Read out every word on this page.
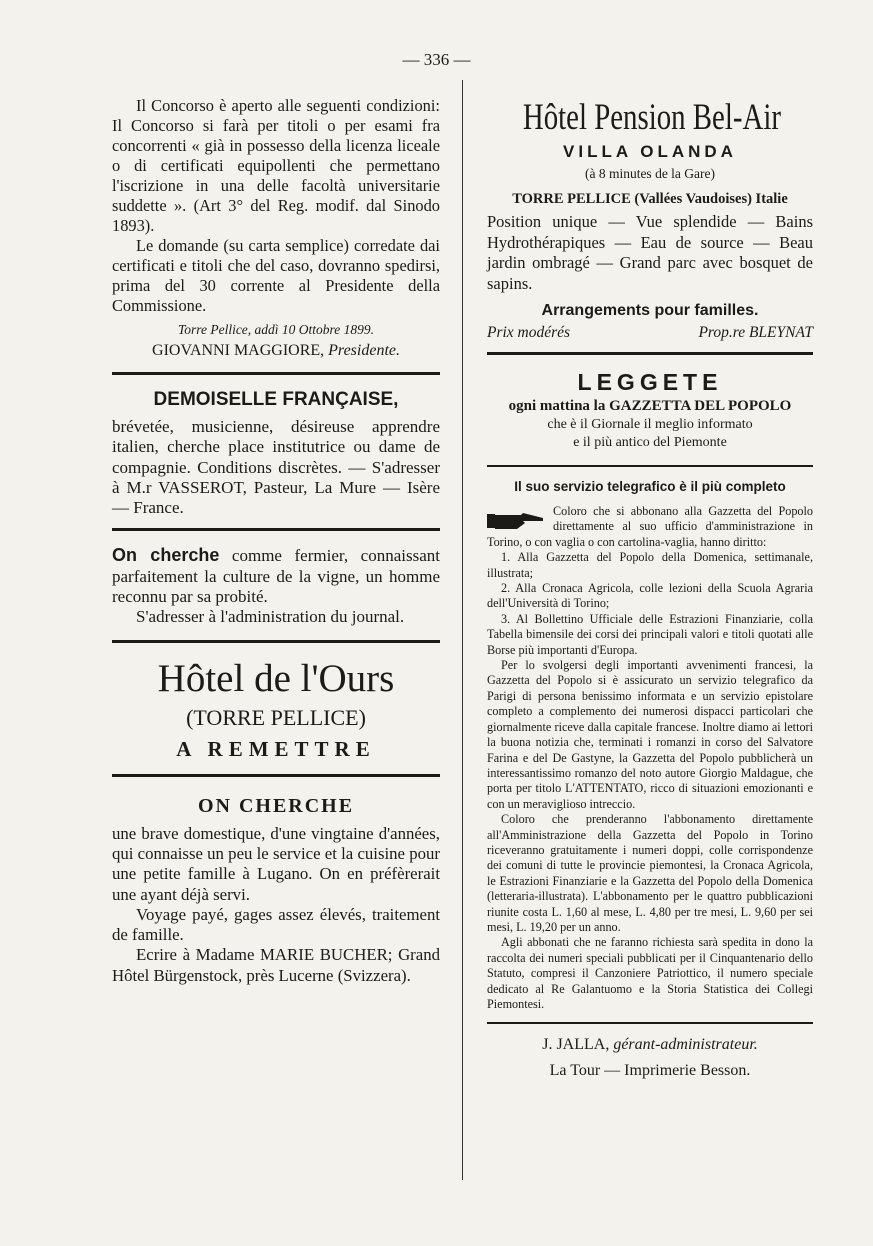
— 336 —

Il Concorso è aperto alle seguenti condizioni: Il Concorso si farà per titoli o per esami fra concorrenti « già in possesso della licenza liceale o di certificati equipollenti che permettano l'iscrizione in una delle facoltà universitarie suddette ». (Art 3° del Reg. modif. dal Sinodo 1893).

Le domande (su carta semplice) corredate dai certificati e titoli che del caso, dovranno spedirsi, prima del 30 corrente al Presidente della Commissione.

Torre Pellice, addì 10 Ottobre 1899.

GIOVANNI MAGGIORE, Presidente.

DEMOISELLE FRANÇAISE,

brévetée, musicienne, désireuse apprendre italien, cherche place institutrice ou dame de compagnie. Conditions discrètes. — S'adresser à M.r VASSEROT, Pasteur, La Mure — Isère — France.

On cherche comme fermier, connaissant parfaitement la culture de la vigne, un homme reconnu par sa probité.

S'adresser à l'administration du journal.

Hôtel de l'Ours

(TORRE PELLICE)

A REMETTRE

ON CHERCHE

une brave domestique, d'une vingtaine d'années, qui connaisse un peu le service et la cuisine pour une petite famille à Lugano. On en préfèrerait une ayant déjà servi.

Voyage payé, gages assez élevés, traitement de famille.

Ecrire à Madame MARIE BUCHER; Grand Hôtel Bürgenstock, près Lucerne (Svizzera).

Hôtel Pension Bel-Air

VILLA OLANDA

(à 8 minutes de la Gare)

TORRE PELLICE (Vallées Vaudoises) Italie

Position unique — Vue splendide — Bains Hydrothérapiques — Eau de source — Beau jardin ombragé — Grand parc avec bosquet de sapins.

Arrangements pour familles.

Prix modérés	Prop.re BLEYNAT

LEGGETE

ogni mattina la GAZZETTA DEL POPOLO

che è il Giornale il meglio informato

e il più antico del Piemonte

Il suo servizio telegrafico è il più completo

Coloro che si abbonano alla Gazzetta del Popolo direttamente al suo ufficio d'amministrazione in Torino, o con vaglia o con cartolina-vaglia, hanno diritto:

1. Alla Gazzetta del Popolo della Domenica, settimanale, illustrata;

2. Alla Cronaca Agricola, colle lezioni della Scuola Agraria dell'Università di Torino;

3. Al Bollettino Ufficiale delle Estrazioni Finanziarie, colla Tabella bimensile dei corsi dei principali valori e titoli quotati alle Borse più importanti d'Europa.

Per lo svolgersi degli importanti avvenimenti francesi, la Gazzetta del Popolo si è assicurato un servizio telegrafico da Parigi di persona benissimo informata e un servizio epistolare completo a complemento dei numerosi dispacci particolari che giornalmente riceve dalla capitale francese. Inoltre diamo ai lettori la buona notizia che, terminati i romanzi in corso del Salvatore Farina e del De Gastyne, la Gazzetta del Popolo pubblicherà un interessantissimo romanzo del noto autore Giorgio Maldague, che porta per titolo L'ATTENTATO, ricco di situazioni emozionanti e con un meraviglioso intreccio.

Coloro che prenderanno l'abbonamento direttamente all'Amministrazione della Gazzetta del Popolo in Torino riceveranno gratuitamente i numeri doppi, colle corrispondenze dei comuni di tutte le provincie piemontesi, la Cronaca Agricola, le Estrazioni Finanziarie e la Gazzetta del Popolo della Domenica (letteraria-illustrata). L'abbonamento per le quattro pubblicazioni riunite costa L. 1,60 al mese, L. 4,80 per tre mesi, L. 9,60 per sei mesi, L. 19,20 per un anno.

Agli abbonati che ne faranno richiesta sarà spedita in dono la raccolta dei numeri speciali pubblicati per il Cinquantenario dello Statuto, compresi il Canzoniere Patriottico, il numero speciale dedicato al Re Galantuomo e la Storia Statistica dei Collegi Piemontesi.

J. JALLA, gérant-administrateur.

La Tour — Imprimerie Besson.
